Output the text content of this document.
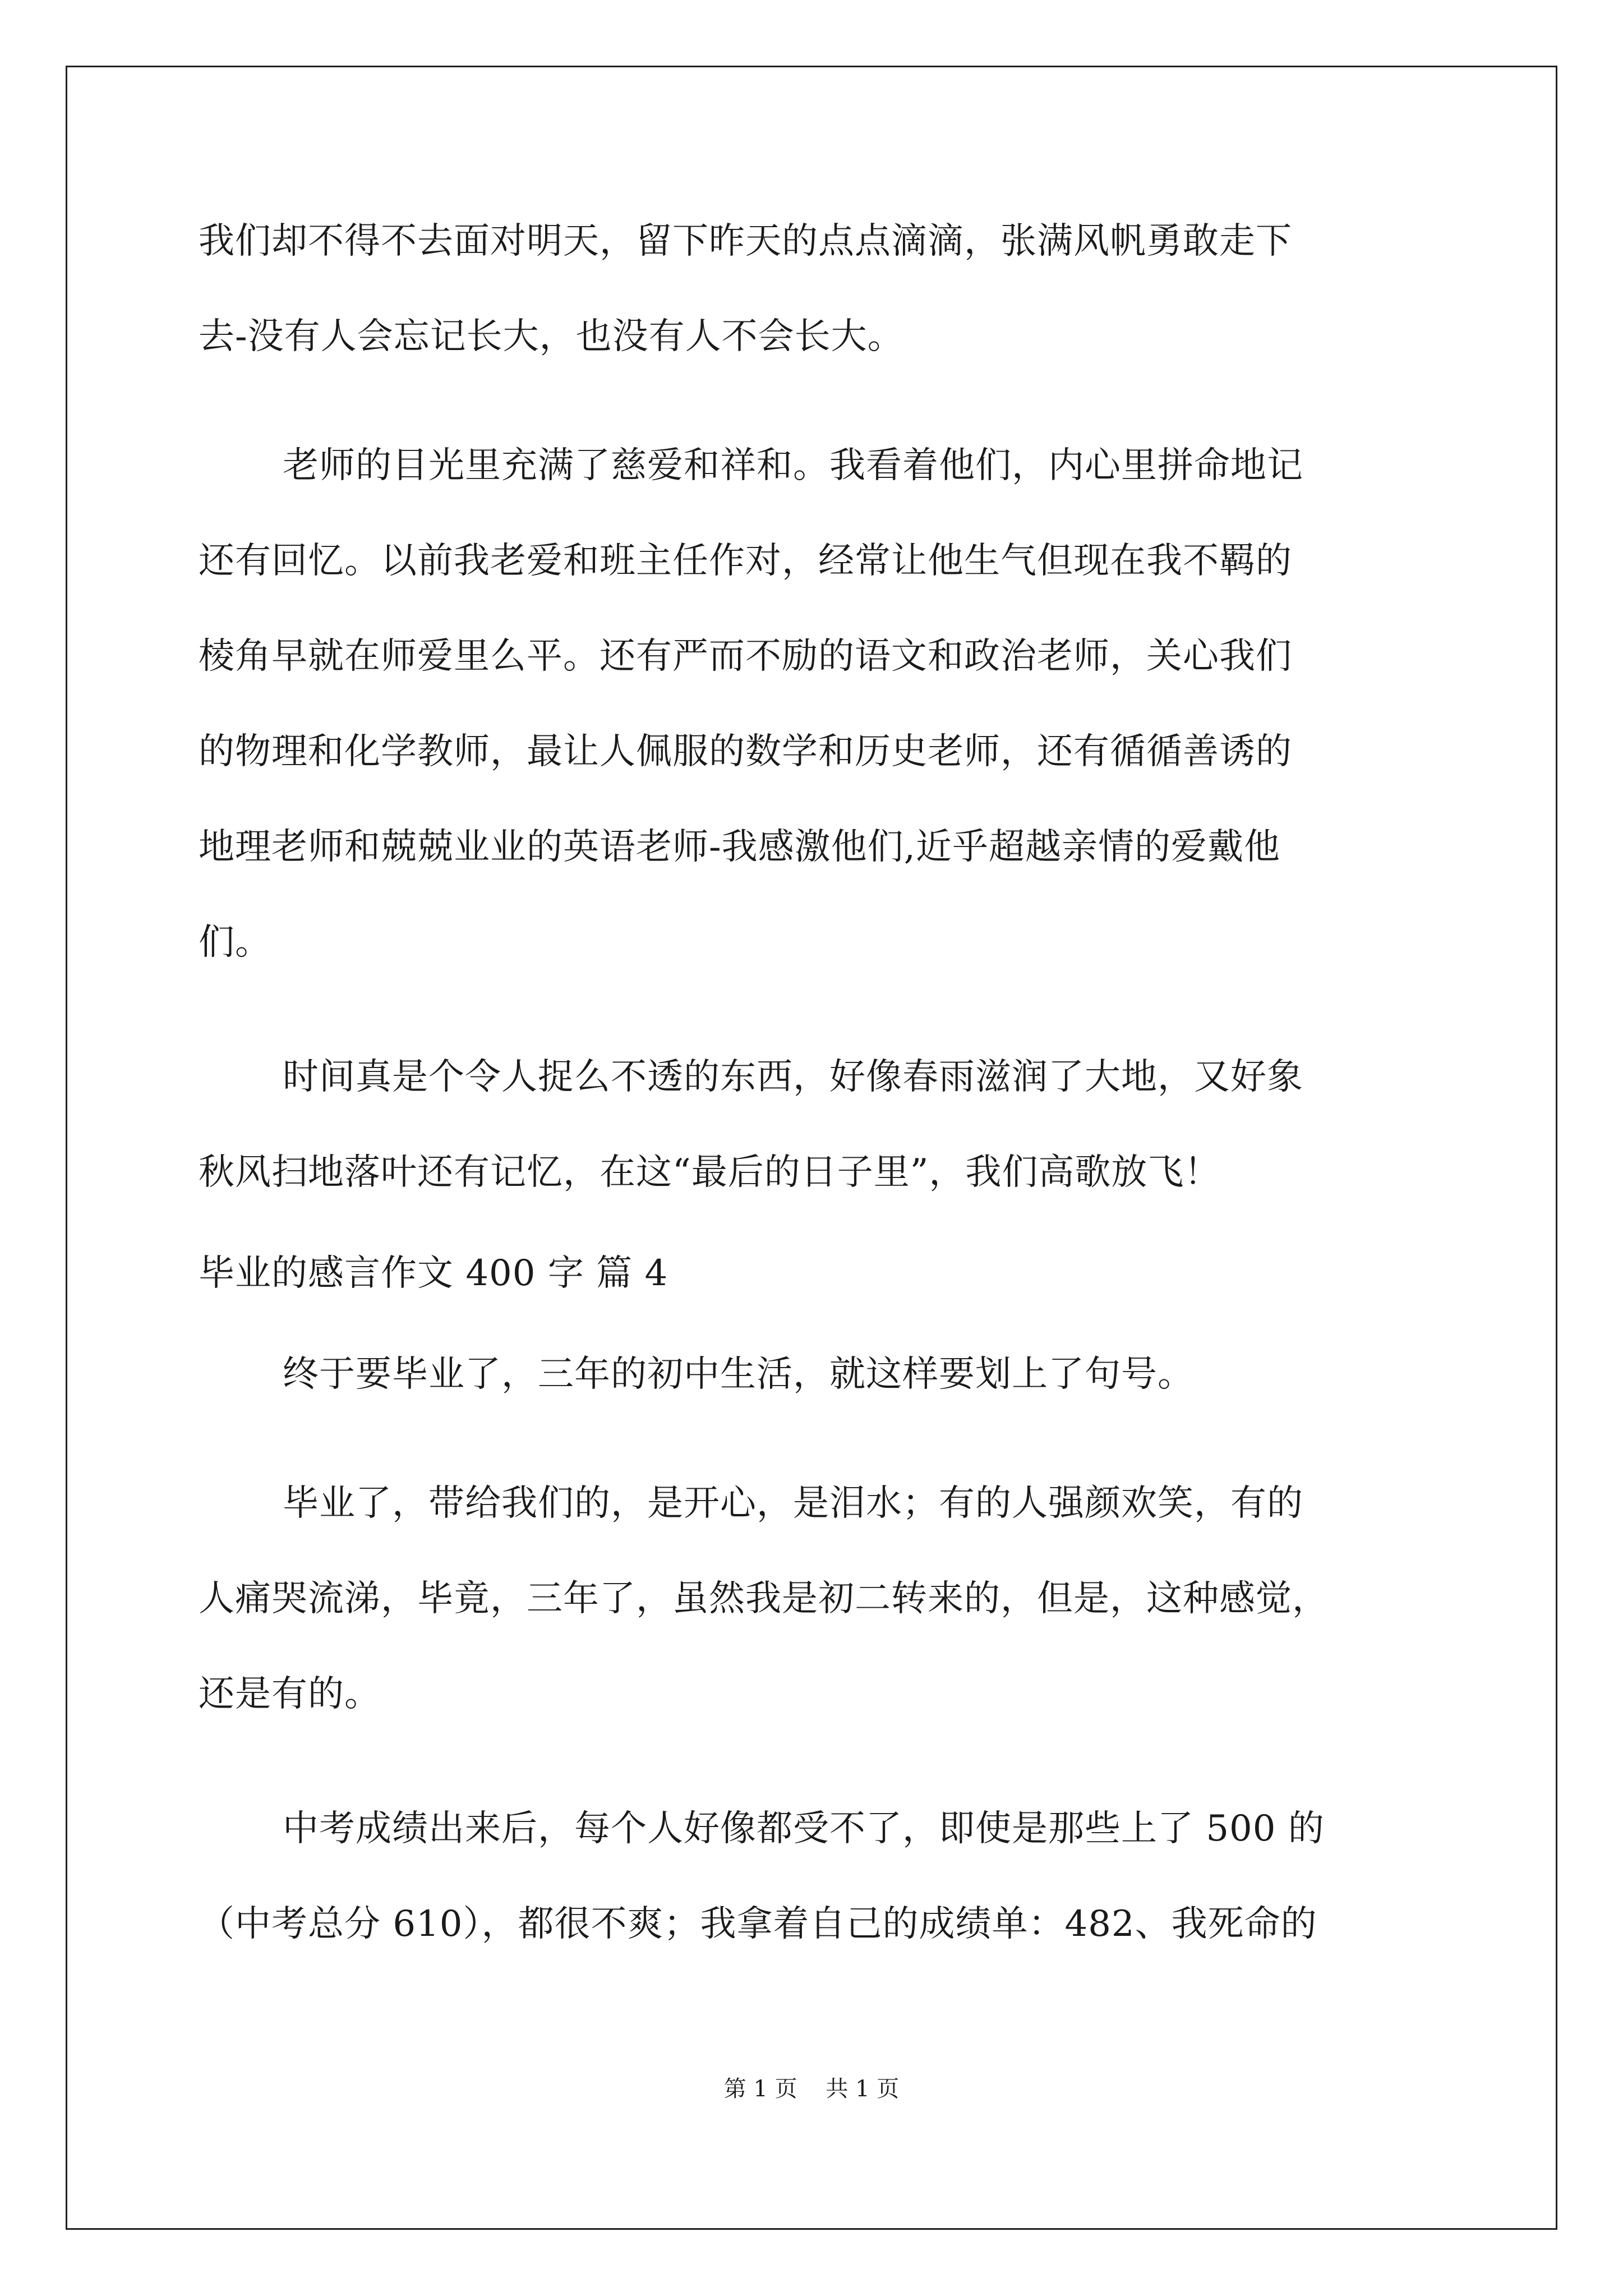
我们却不得不去面对明天，留下昨天的点点滴滴，张满风帆勇敢走下
去-没有人会忘记长大，也没有人不会长大。
老师的目光里充满了慈爱和祥和。我看着他们，内心里拼命地记
还有回忆。以前我老爱和班主任作对，经常让他生气但现在我不羁的
棱角早就在师爱里么平。还有严而不励的语文和政治老师，关心我们
的物理和化学教师，最让人佩服的数学和历史老师，还有循循善诱的
地理老师和兢兢业业的英语老师-我感激他们,近乎超越亲情的爱戴他
们。
时间真是个令人捉么不透的东西，好像春雨滋润了大地，又好象
秋风扫地落叶还有记忆，在这“最后的日子里”，我们高歌放飞！
毕业的感言作文 400 字 篇 4
终于要毕业了，三年的初中生活，就这样要划上了句号。
毕业了，带给我们的，是开心，是泪水；有的人强颜欢笑，有的
人痛哭流涕，毕竟，三年了，虽然我是初二转来的，但是，这种感觉，
还是有的。
中考成绩出来后，每个人好像都受不了，即使是那些上了 500 的
（中考总分 610），都很不爽；我拿着自己的成绩单：482、我死命的
第 1 页    共 1 页
